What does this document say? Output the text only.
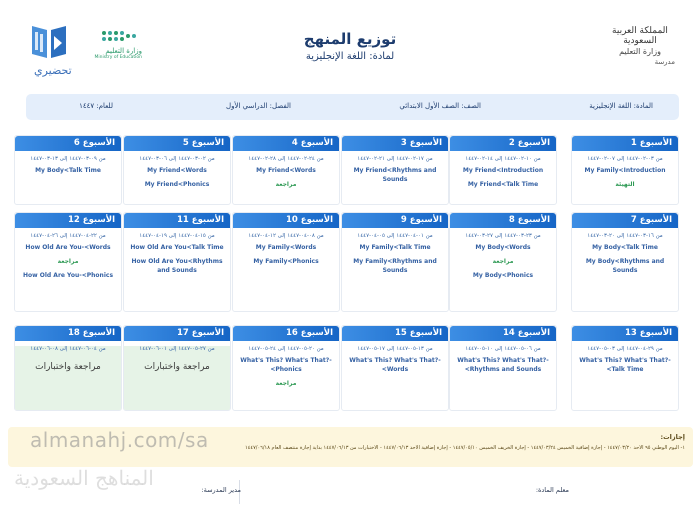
المملكة العربية السعودية
وزارة التعليم
مدرسة
توزيع المنهج
لمادة: اللغة الإنجليزية
تحضيري
وزارة التعليم
Ministry of Education
المادة: اللغة الإنجليزية
الصف: الصف الأول الابتدائي
الفصل: الدراسي الأول
للعام: ١٤٤٧
الأسبوع 1
من ٠٣-٠٢-١٤٤٧ إلى ٠٧-٠٢-١٤٤٧
My Family<Introduction
التهيئة
الأسبوع 2
من ١٠-٠٢-١٤٤٧ إلى ١٤-٠٢-١٤٤٧
My Friend<Introduction
My Friend<Talk Time
الأسبوع 3
من ١٧-٠٢-١٤٤٧ إلى ٢١-٠٢-١٤٤٧
My Friend<Rhythms and Sounds
الأسبوع 4
من ٢٤-٠٢-١٤٤٧ إلى ٢٨-٠٢-١٤٤٧
My Friend<Words
مراجعة
الأسبوع 5
من ٠٢-٠٣-١٤٤٧ إلى ٠٦-٠٣-١٤٤٧
My Friend<Words
My Friend<Phonics
الأسبوع 6
من ٠٩-٠٣-١٤٤٧ إلى ١٣-٠٣-١٤٤٧
My Body<Talk Time
الأسبوع 7
من ١٦-٠٣-١٤٤٧ إلى ٢٠-٠٣-١٤٤٧
My Body<Talk Time
My Body<Rhythms and Sounds
الأسبوع 8
من ٢٣-٠٣-١٤٤٧ إلى ٢٧-٠٣-١٤٤٧
My Body<Words
مراجعة
My Body<Phonics
الأسبوع 9
من ٠١-٠٤-١٤٤٧ إلى ٠٥-٠٤-١٤٤٧
My Family<Talk Time
My Family<Rhythms and Sounds
الأسبوع 10
من ٠٨-٠٤-١٤٤٧ إلى ١٢-٠٤-١٤٤٧
My Family<Words
My Family<Phonics
الأسبوع 11
من ١٥-٠٤-١٤٤٧ إلى ١٩-٠٤-١٤٤٧
How Old Are You<Talk Time
How Old Are You<Rhythms and Sounds
الأسبوع 12
من ٢٢-٠٤-١٤٤٧ إلى ٢٦-٠٤-١٤٤٧
How Old Are You-<Words
مراجعة
How Old Are You-<Phonics
الأسبوع 13
من ٢٩-٠٤-١٤٤٧ إلى ٠٣-٠٥-١٤٤٧
What's This? What's That?-<Talk Time
الأسبوع 14
من ٠٦-٠٥-١٤٤٧ إلى ١٠-٠٥-١٤٤٧
What's This? What's That?-<Rhythms and Sounds
الأسبوع 15
من ١٣-٠٥-١٤٤٧ إلى ١٧-٠٥-١٤٤٧
What's This? What's That?-<Words
الأسبوع 16
من ٢٠-٠٥-١٤٤٧ إلى ٢٤-٠٥-١٤٤٧
What's This? What's That?-<Phonics
مراجعة
الأسبوع 17
من ٢٧-٠٥-١٤٤٧ إلى ٠١-٠٦-١٤٤٧
مراجعة واختبارات
الأسبوع 18
من ٠٤-٠٦-١٤٤٧ إلى ٠٨-٠٦-١٤٤٧
مراجعة واختبارات
إجازات:
١- اليوم الوطني ٩٥ الأحد ١٤٤٧/٠٣/٢٠ - إجازة إضافية الخميس ١٤٤٧/٠٣/٢٤ - إجازة الخريف الخميس ١٤٤٧/٠٥/١٠ - إجازة إضافية الأحد ١٤٤٧/٠٦/١٣ - الاختبارات من ١٤٤٧/٠٦/١٣ بداية إجازة منتصف العام ١٤٤٧/٠٦/١٨
almanahj.com/sa
المناهج السعودية	معلم المادة:
مدير المدرسة:
